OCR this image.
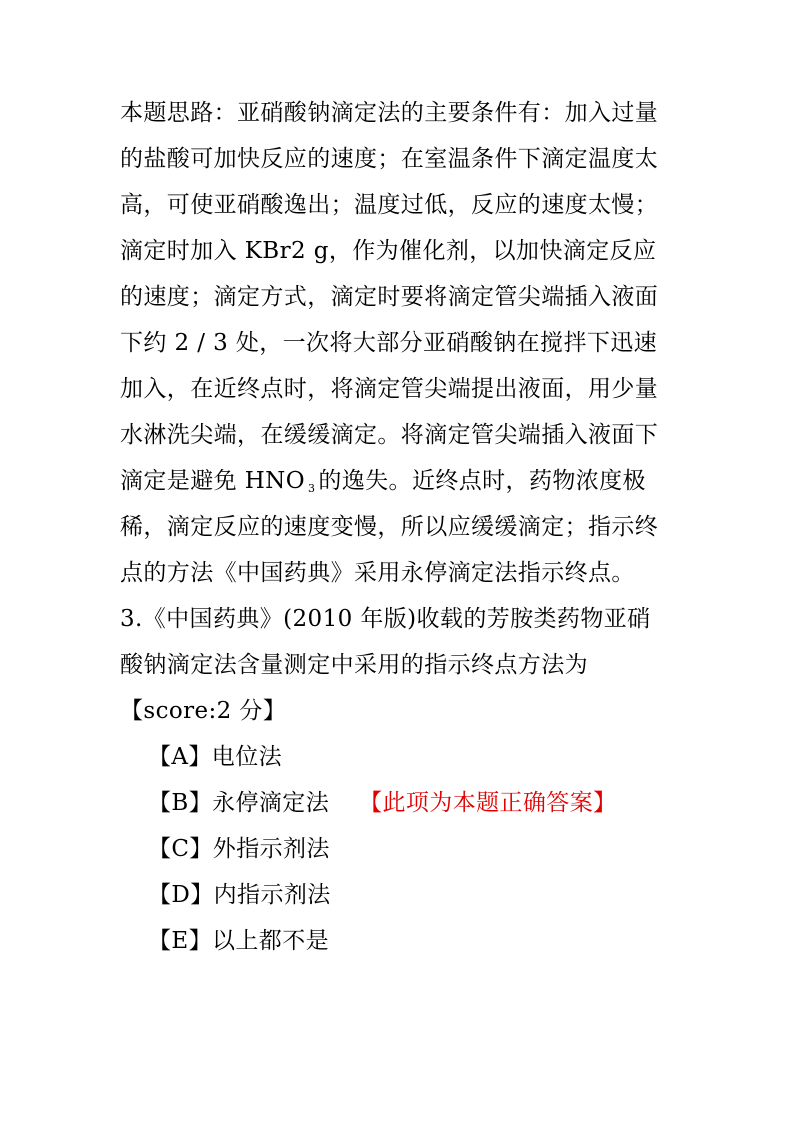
本题思路：亚硝酸钠滴定法的主要条件有：加入过量
的盐酸可加快反应的速度；在室温条件下滴定温度太
高，可使亚硝酸逸出；温度过低，反应的速度太慢；
滴定时加入 KBr2 g，作为催化剂，以加快滴定反应
的速度；滴定方式，滴定时要将滴定管尖端插入液面
下约 2 / 3 处，一次将大部分亚硝酸钠在搅拌下迅速
加入，在近终点时，将滴定管尖端提出液面，用少量
水淋洗尖端，在缓缓滴定。将滴定管尖端插入液面下
滴定是避免 HNO $_3$ 的逸失。近终点时，药物浓度极
稀，滴定反应的速度变慢，所以应缓缓滴定；指示终
点的方法《中国药典》采用永停滴定法指示终点。
3.《中国药典》(2010 年版)收载的芳胺类药物亚硝
酸钠滴定法含量测定中采用的指示终点方法为
【score:2 分】
【A】电位法
【B】永停滴定法 【此项为本题正确答案】
【C】外指示剂法
【D】内指示剂法
【E】以上都不是
